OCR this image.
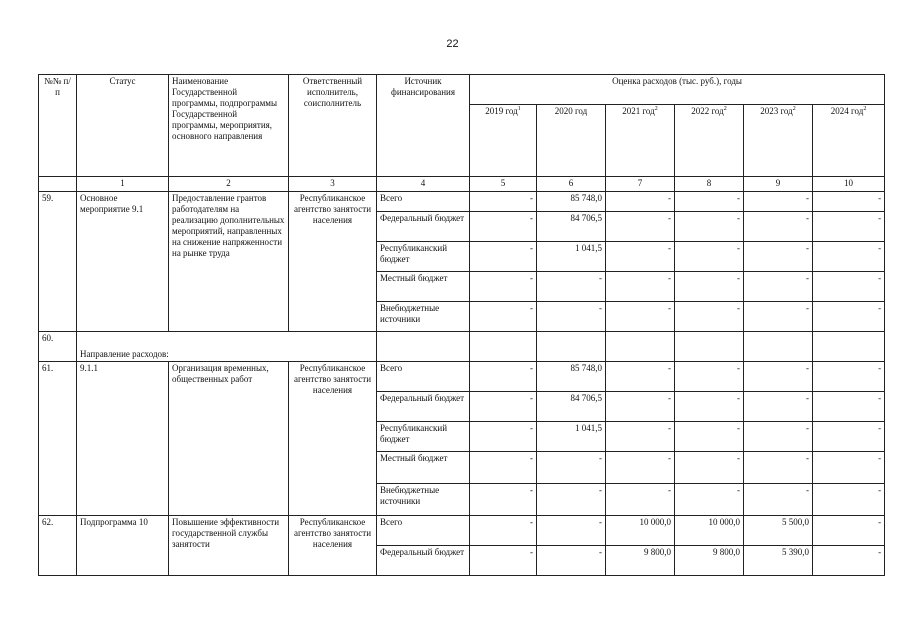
22
№№ п/п	Статус	Наименование Государственной программы, подпрограммы Государственной программы, мероприятия, основного направления	Ответственный исполнитель, соисполнитель	Источник финансирования	Оценка расходов (тыс. руб.), годы					
					2019 год$^1$	2020 год	2021 год$^2$	2022 год$^2$	2023 год$^2$	2024 год$^2$
	1	2	3	4	5	6	7	8	9	10
59.	Основное мероприятие 9.1	Предоставление грантов работодателям на реализацию дополнительных мероприятий, направленных на снижение напряженности на рынке труда	Республиканское агентство занятости населения	Всего	-	85 748,0	-	-	-	-
				Федеральный бюджет	-	84 706,5	-	-	-	-
				Республиканский бюджет	-	1 041,5	-	-	-	-
				Местный бюджет	-	-	-	-	-	-
				Внебюджетные источники	-	-	-	-	-	-
60.	Направление расходов:									
61.	9.1.1	Организация временных, общественных работ	Республиканское агентство занятости населения	Всего	-	85 748,0	-	-	-	-
				Федеральный бюджет	-	84 706,5	-	-	-	-
				Республиканский бюджет	-	1 041,5	-	-	-	-
				Местный бюджет	-	-	-	-	-	-
				Внебюджетные источники	-	-	-	-	-	-
62.	Подпрограмма 10	Повышение эффективности государственной службы занятости	Республиканское агентство занятости населения	Всего	-	-	10 000,0	10 000,0	5 500,0	-
				Федеральный бюджет	-	-	9 800,0	9 800,0	5 390,0	-
